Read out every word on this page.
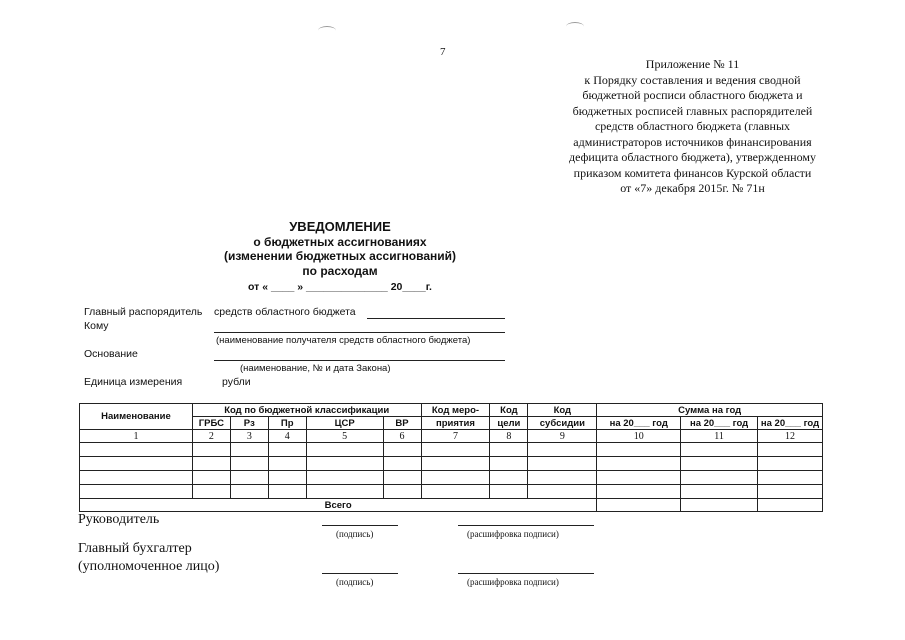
7
Приложение № 11
к Порядку составления и ведения сводной
бюджетной росписи областного бюджета и
бюджетных росписей главных распорядителей
средств областного бюджета (главных
администраторов источников финансирования
дефицита областного бюджета), утвержденному
приказом комитета финансов Курской области
от «7» декабря 2015г. № 71н
УВЕДОМЛЕНИЕ
о бюджетных ассигнованиях
(изменении бюджетных ассигнований)
по расходам
от « ____ » ______________ 20____г.
Главный распорядитель средств областного бюджета
Кому
(наименование получателя средств областного бюджета)
Основание
(наименование, № и дата Закона)
Единица измерения	рубли
Наименование	Код по бюджетной классификации					Код меро-	Код	Код	Сумма на год		
	ГРБС	Рз	Пр	ЦСР	ВР	приятия	цели	субсидии	на 20___ год	на 20___ год	на 20___ год
1	2	3	4	5	6	7	8	9	10	11	12

Всего											
Руководитель
(подпись)	(расшифровка подписи)
Главный бухгалтер
(уполномоченное лицо)
(подпись)	(расшифровка подписи)
